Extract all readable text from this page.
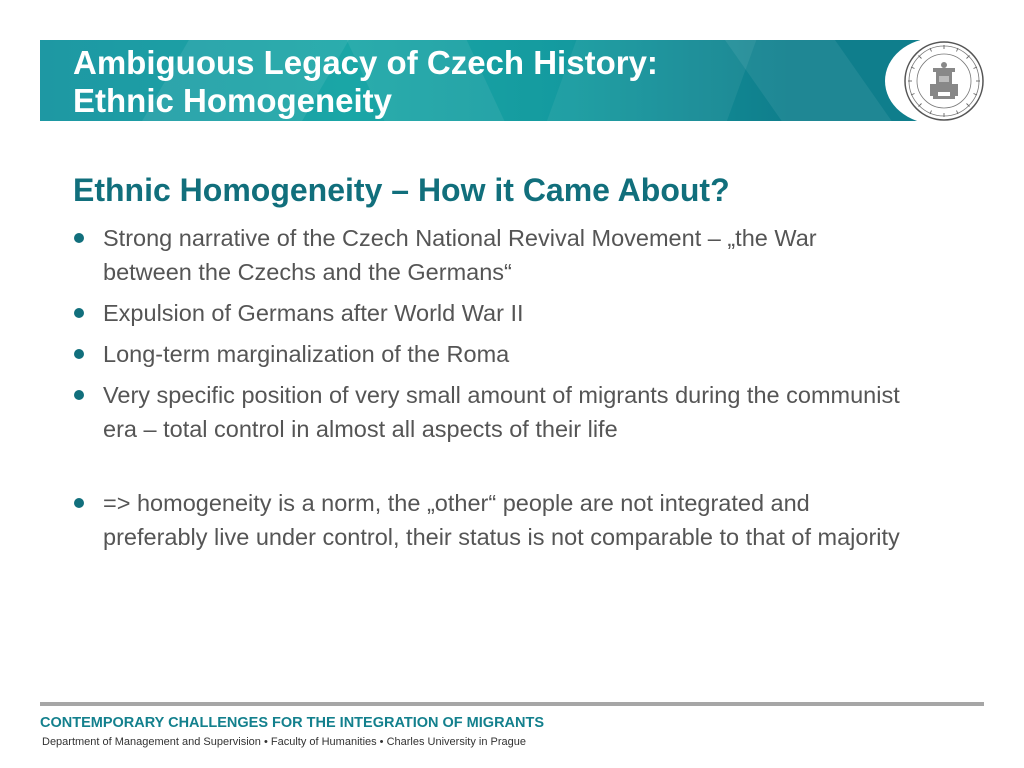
Ambiguous Legacy of Czech History:
Ethnic Homogeneity
Ethnic Homogeneity – How it Came About?
Strong narrative of the Czech National Revival Movement – „the War between the Czechs and the Germans“
Expulsion of Germans after World War II
Long-term marginalization of the Roma
Very specific position of very small amount of migrants during the communist era – total control in almost all aspects of their life
=> homogeneity is a norm, the „other“ people are not integrated and preferably live under control, their status is not comparable to that of majority

CONTEMPORARY CHALLENGES FOR THE INTEGRATION OF MIGRANTS

Department of Management and Supervision • Faculty of Humanities • Charles University in Prague
